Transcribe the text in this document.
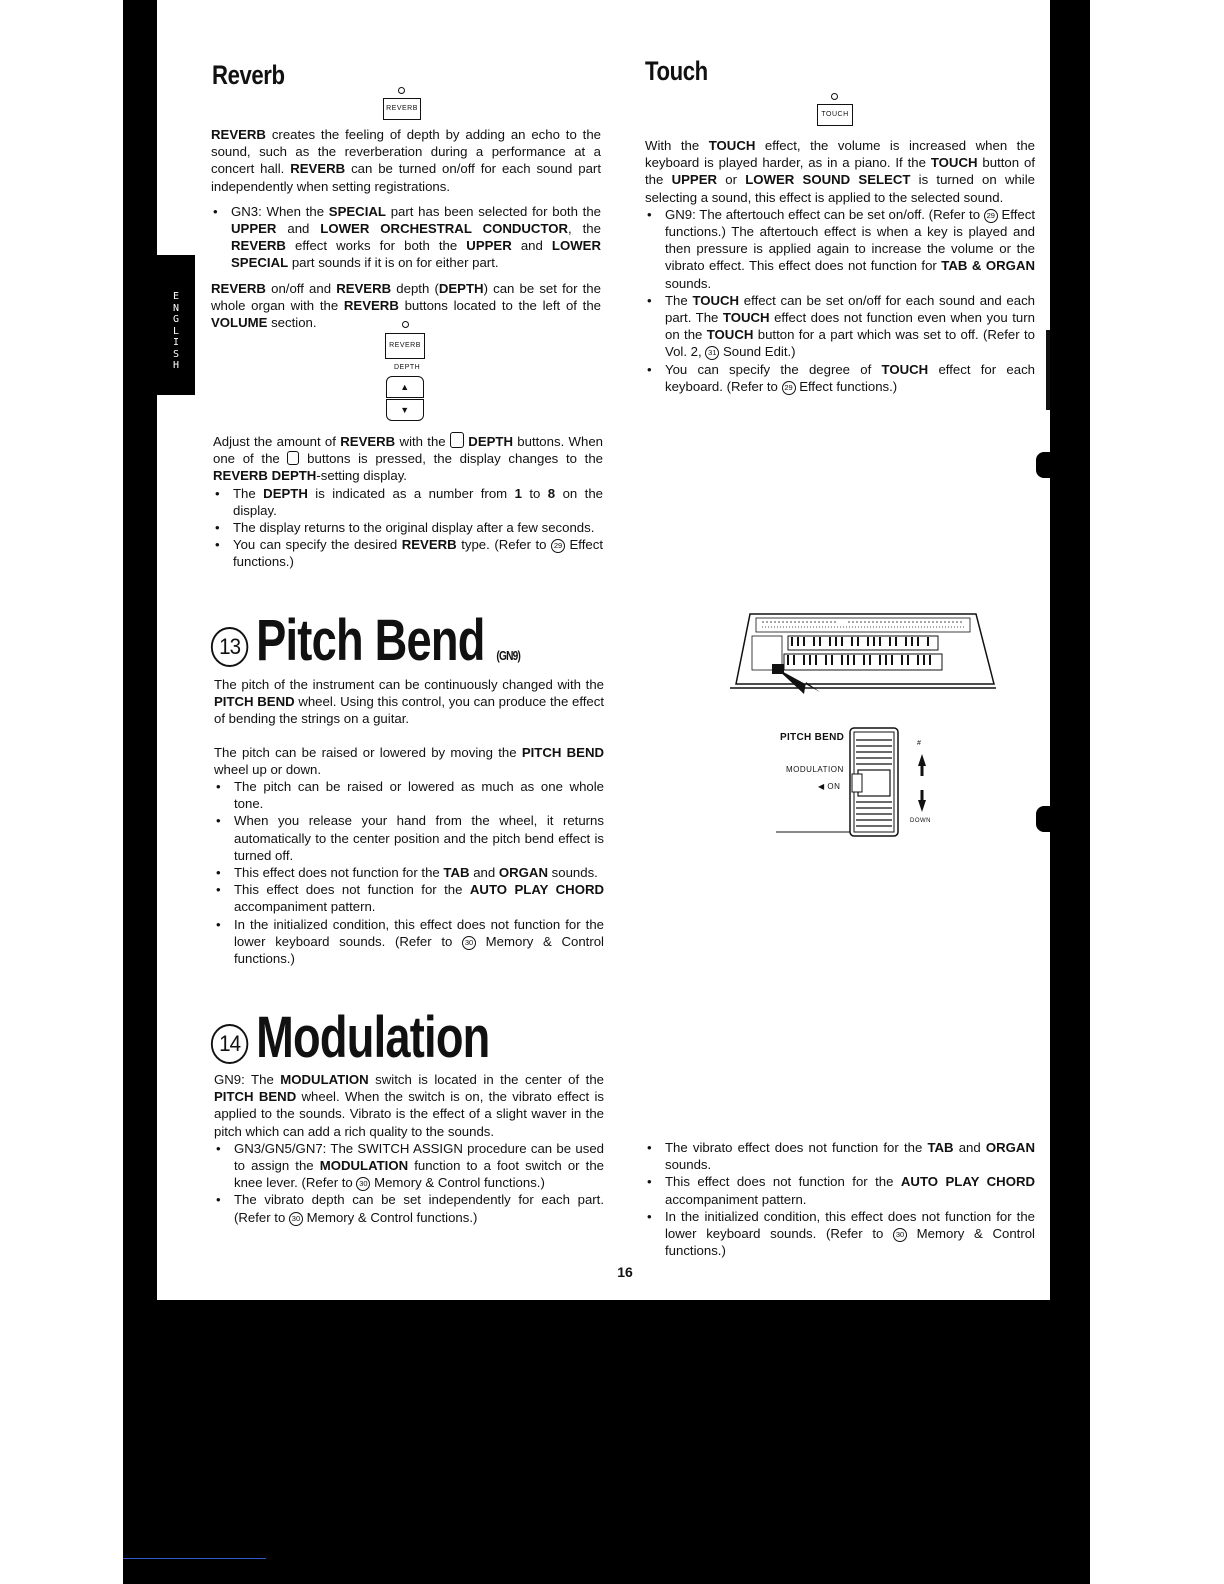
E
N
G
L
I
S
H
Reverb
REVERB

REVERB creates the feeling of depth by adding an echo to the sound, such as the reverberation during a performance at a concert hall. REVERB can be turned on/off for each sound part independently when setting registrations.

• GN3: When the SPECIAL part has been selected for both the UPPER and LOWER ORCHESTRAL CONDUCTOR, the REVERB effect works for both the UPPER and LOWER SPECIAL part sounds if it is on for either part.

REVERB on/off and REVERB depth (DEPTH) can be set for the whole organ with the REVERB buttons located to the left of the VOLUME section.

REVERB
DEPTH
▲
▼

Adjust the amount of REVERB with the  DEPTH buttons. When one of the  buttons is pressed, the display changes to the REVERB DEPTH-setting display.

• The DEPTH is indicated as a number from 1 to 8 on the display.
• The display returns to the original display after a few seconds.
• You can specify the desired REVERB type. (Refer to 29 Effect functions.)
Touch
TOUCH

With the TOUCH effect, the volume is increased when the keyboard is played harder, as in a piano. If the TOUCH button of the UPPER or LOWER SOUND SELECT is turned on while selecting a sound, this effect is applied to the selected sound.

• GN9: The aftertouch effect can be set on/off. (Refer to 29 Effect functions.) The aftertouch effect is when a key is played and then pressure is applied again to increase the volume or the vibrato effect. This effect does not function for TAB & ORGAN sounds.
• The TOUCH effect can be set on/off for each sound and each part. The TOUCH effect does not function even when you turn on the TOUCH button for a part which was set to off. (Refer to Vol. 2, 31 Sound Edit.)
• You can specify the degree of TOUCH effect for each keyboard. (Refer to 29 Effect functions.)
13 Pitch Bend (GN9)

The pitch of the instrument can be continuously changed with the PITCH BEND wheel. Using this control, you can produce the effect of bending the strings on a guitar.

The pitch can be raised or lowered by moving the PITCH BEND wheel up or down.

• The pitch can be raised or lowered as much as one whole tone.
• When you release your hand from the wheel, it returns automatically to the center position and the pitch bend effect is turned off.
• This effect does not function for the TAB and ORGAN sounds.
• This effect does not function for the AUTO PLAY CHORD accompaniment pattern.
• In the initialized condition, this effect does not function for the lower keyboard sounds. (Refer to 30 Memory & Control functions.)
PITCH BEND
MODULATION
◀ ON
#
DOWN
14 Modulation

GN9: The MODULATION switch is located in the center of the PITCH BEND wheel. When the switch is on, the vibrato effect is applied to the sounds. Vibrato is the effect of a slight waver in the pitch which can add a rich quality to the sounds.

• GN3/GN5/GN7: The SWITCH ASSIGN procedure can be used to assign the MODULATION function to a foot switch or the knee lever. (Refer to 30 Memory & Control functions.)
• The vibrato depth can be set independently for each part. (Refer to 30 Memory & Control functions.)
• The vibrato effect does not function for the TAB and ORGAN sounds.
• This effect does not function for the AUTO PLAY CHORD accompaniment pattern.
• In the initialized condition, this effect does not function for the lower keyboard sounds. (Refer to 30 Memory & Control functions.)
16
